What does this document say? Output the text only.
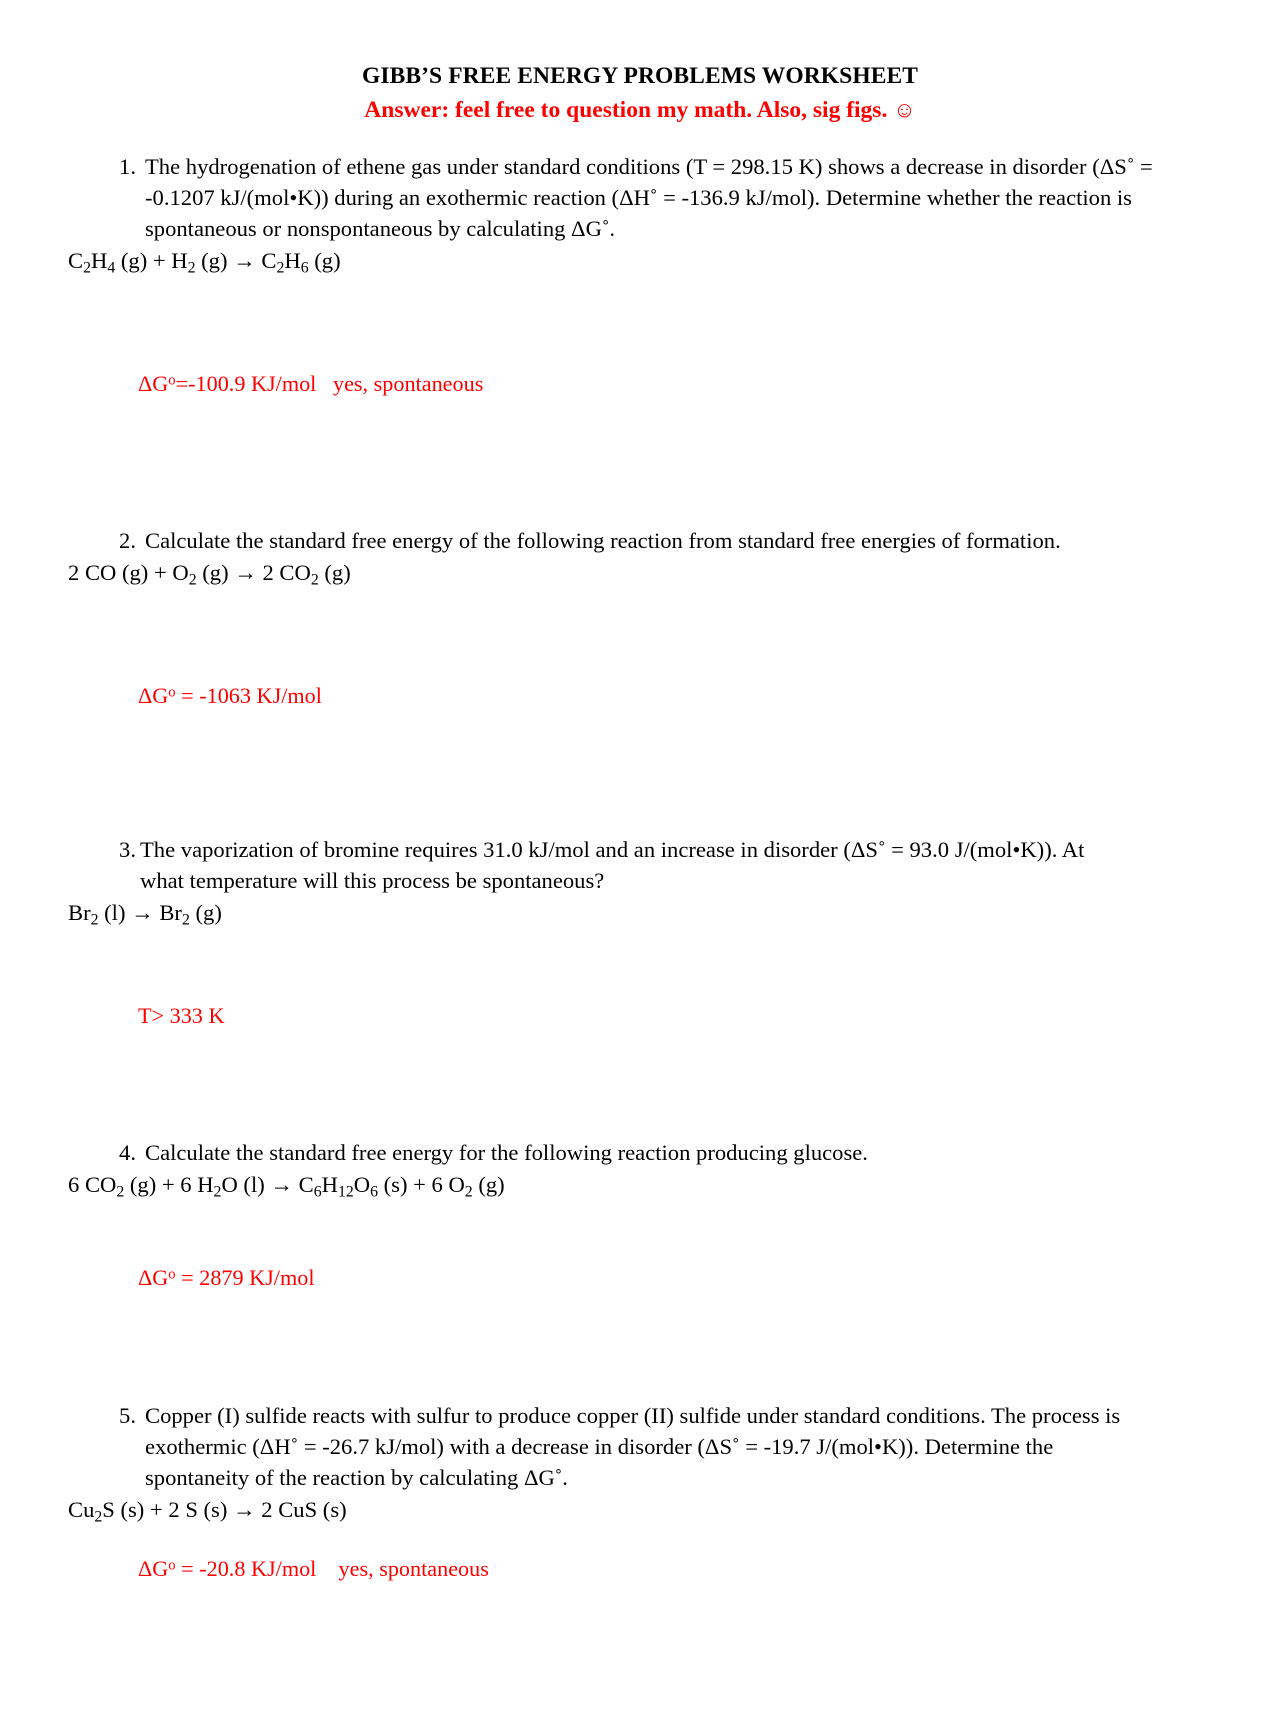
GIBB’S FREE ENERGY PROBLEMS WORKSHEET
Answer: feel free to question my math. Also, sig figs. ☺
1. The hydrogenation of ethene gas under standard conditions (T = 298.15 K) shows a decrease in disorder (ΔS˚ = -0.1207 kJ/(mol•K)) during an exothermic reaction (ΔH˚ = -136.9 kJ/mol). Determine whether the reaction is spontaneous or nonspontaneous by calculating ΔG˚.
$C_2H_4$ $(g) + H_2$ $(g) \to C_2H_6$ (g)
$\Delta G^o=-100.9$ KJ/mol   yes, spontaneous
2. Calculate the standard free energy of the following reaction from standard free energies of formation.
2 CO $(g) + O_2$ (g) → 2 $CO_2$ (g)
$\Delta G^o = -1063$ KJ/mol
3. The vaporization of bromine requires 31.0 kJ/mol and an increase in disorder (ΔS˚ = 93.0 J/(mol•K)). At what temperature will this process be spontaneous?
$Br_2$ $(l) \to Br_2$ (g)
T> 333 K
4. Calculate the standard free energy for the following reaction producing glucose.
6 $CO_2$ (g) + 6 $H_2O$ $(l) \to C_6H_{12}O_6$ (s) + 6 $O_2$ (g)
$\Delta G^o = 2879$ KJ/mol
5. Copper (I) sulfide reacts with sulfur to produce copper (II) sulfide under standard conditions. The process is exothermic (ΔH˚ = -26.7 kJ/mol) with a decrease in disorder (ΔS˚ = -19.7 J/(mol•K)). Determine the spontaneity of the reaction by calculating ΔG˚.
$Cu_2S$ (s) + 2 S (s) → 2 CuS (s)
$\Delta G^o = -20.8$ KJ/mol    yes, spontaneous
